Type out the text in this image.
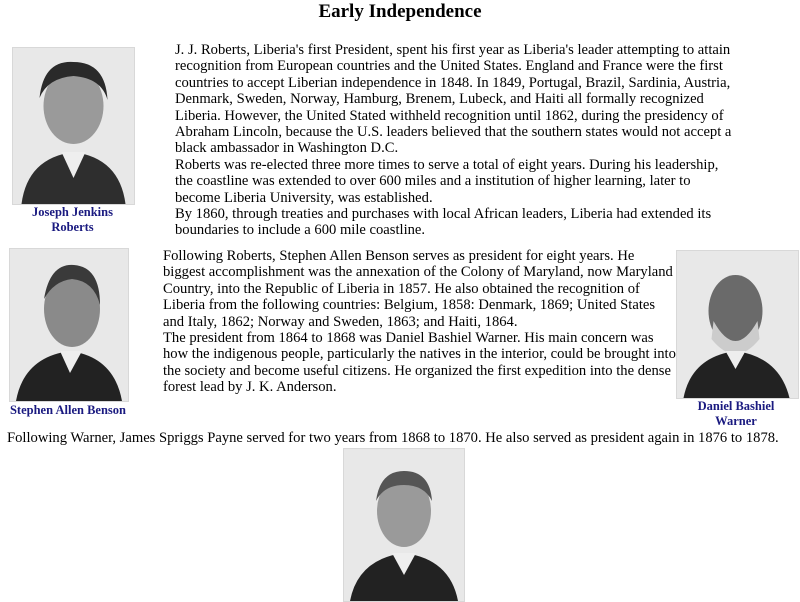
Early Independence
Joseph Jenkins
Roberts
J. J. Roberts, Liberia's first President, spent his first year as Liberia's leader attempting to attain recognition from European countries and the United States. England and France were the first countries to accept Liberian independence in 1848. In 1849, Portugal, Brazil, Sardinia, Austria, Denmark, Sweden, Norway, Hamburg, Brenem, Lubeck, and Haiti all formally recognized Liberia. However, the United Stated withheld recognition until 1862, during the presidency of Abraham Lincoln, because the U.S. leaders believed that the southern states would not accept a black ambassador in Washington D.C.
Roberts was re-elected three more times to serve a total of eight years. During his leadership, the coastline was extended to over 600 miles and a institution of higher learning, later to become Liberia University, was established.
By 1860, through treaties and purchases with local African leaders, Liberia had extended its boundaries to include a 600 mile coastline.
Stephen Allen Benson
Following Roberts, Stephen Allen Benson serves as president for eight years. He biggest accomplishment was the annexation of the Colony of Maryland, now Maryland Country, into the Republic of Liberia in 1857. He also obtained the recognition of Liberia from the following countries: Belgium, 1858: Denmark, 1869; United States and Italy, 1862; Norway and Sweden, 1863; and Haiti, 1864.
The president from 1864 to 1868 was Daniel Bashiel Warner. His main concern was how the indigenous people, particularly the natives in the interior, could be brought into the society and become useful citizens. He organized the first expedition into the dense forest lead by J. K. Anderson.
Daniel Bashiel
Warner
Following Warner, James Spriggs Payne served for two years from 1868 to 1870. He also served as president again in 1876 to 1878.
